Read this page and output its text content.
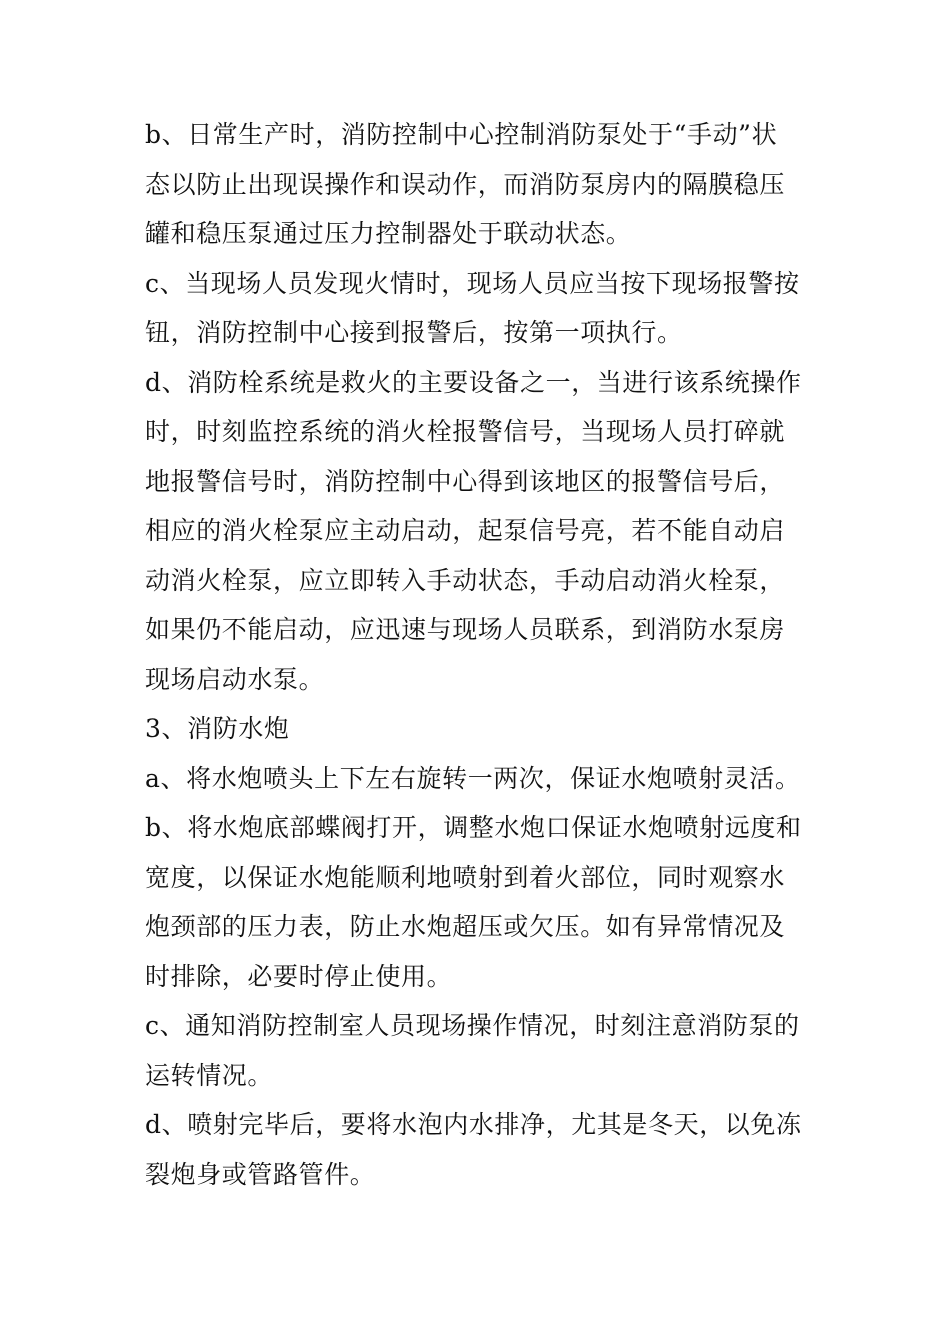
b、日常生产时，消防控制中心控制消防泵处于“手动”状
态以防止出现误操作和误动作，而消防泵房内的隔膜稳压
罐和稳压泵通过压力控制器处于联动状态。
c、当现场人员发现火情时，现场人员应当按下现场报警按
钮，消防控制中心接到报警后，按第一项执行。
d、消防栓系统是救火的主要设备之一，当进行该系统操作
时，时刻监控系统的消火栓报警信号，当现场人员打碎就
地报警信号时，消防控制中心得到该地区的报警信号后，
相应的消火栓泵应主动启动，起泵信号亮，若不能自动启
动消火栓泵，应立即转入手动状态，手动启动消火栓泵，
如果仍不能启动，应迅速与现场人员联系，到消防水泵房
现场启动水泵。
3、消防水炮
a、将水炮喷头上下左右旋转一两次，保证水炮喷射灵活。
b、将水炮底部蝶阀打开，调整水炮口保证水炮喷射远度和
宽度，以保证水炮能顺利地喷射到着火部位，同时观察水
炮颈部的压力表，防止水炮超压或欠压。如有异常情况及
时排除，必要时停止使用。
c、通知消防控制室人员现场操作情况，时刻注意消防泵的
运转情况。
d、喷射完毕后，要将水泡内水排净，尤其是冬天，以免冻
裂炮身或管路管件。
